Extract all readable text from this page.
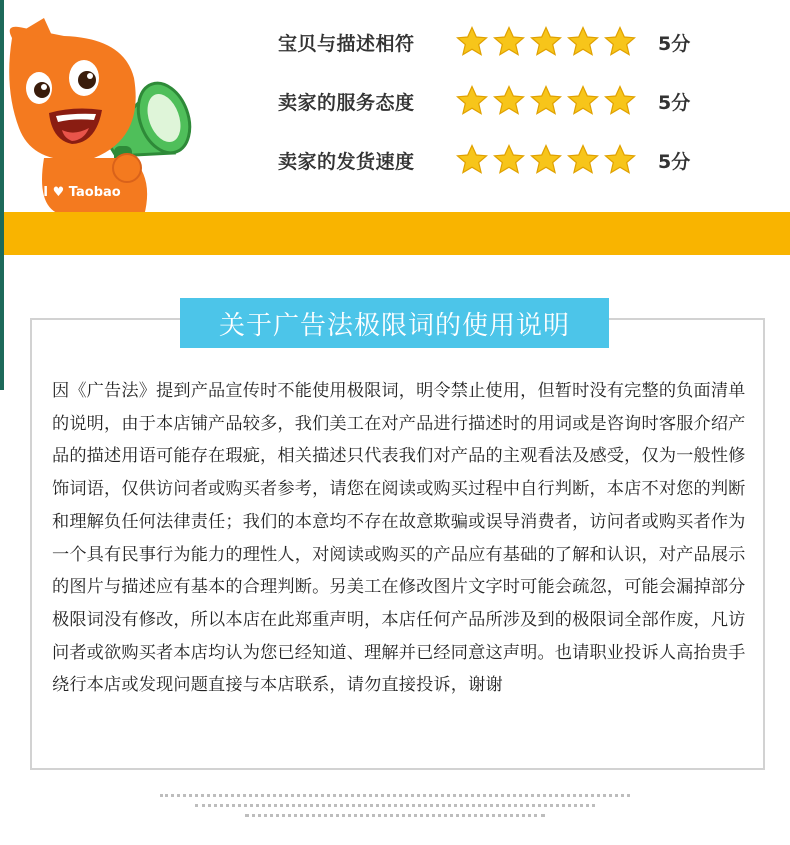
I ♥ Taobao
宝贝与描述相符	5分
卖家的服务态度	5分
卖家的发货速度	5分
关于广告法极限词的使用说明

因《广告法》提到产品宣传时不能使用极限词，明令禁止使用，但暂时没有完整的负面清单的说明，由于本店铺产品较多，我们美工在对产品进行描述时的用词或是咨询时客服介绍产品的描述用语可能存在瑕疵，相关描述只代表我们对产品的主观看法及感受，仅为一般性修饰词语，仅供访问者或购买者参考，请您在阅读或购买过程中自行判断，本店不对您的判断和理解负任何法律责任；我们的本意均不存在故意欺骗或误导消费者，访问者或购买者作为一个具有民事行为能力的理性人，对阅读或购买的产品应有基础的了解和认识，对产品展示的图片与描述应有基本的合理判断。另美工在修改图片文字时可能会疏忽，可能会漏掉部分极限词没有修改，所以本店在此郑重声明，本店任何产品所涉及到的极限词全部作废，凡访问者或欲购买者本店均认为您已经知道、理解并已经同意这声明。也请职业投诉人高抬贵手绕行本店或发现问题直接与本店联系，请勿直接投诉，谢谢
